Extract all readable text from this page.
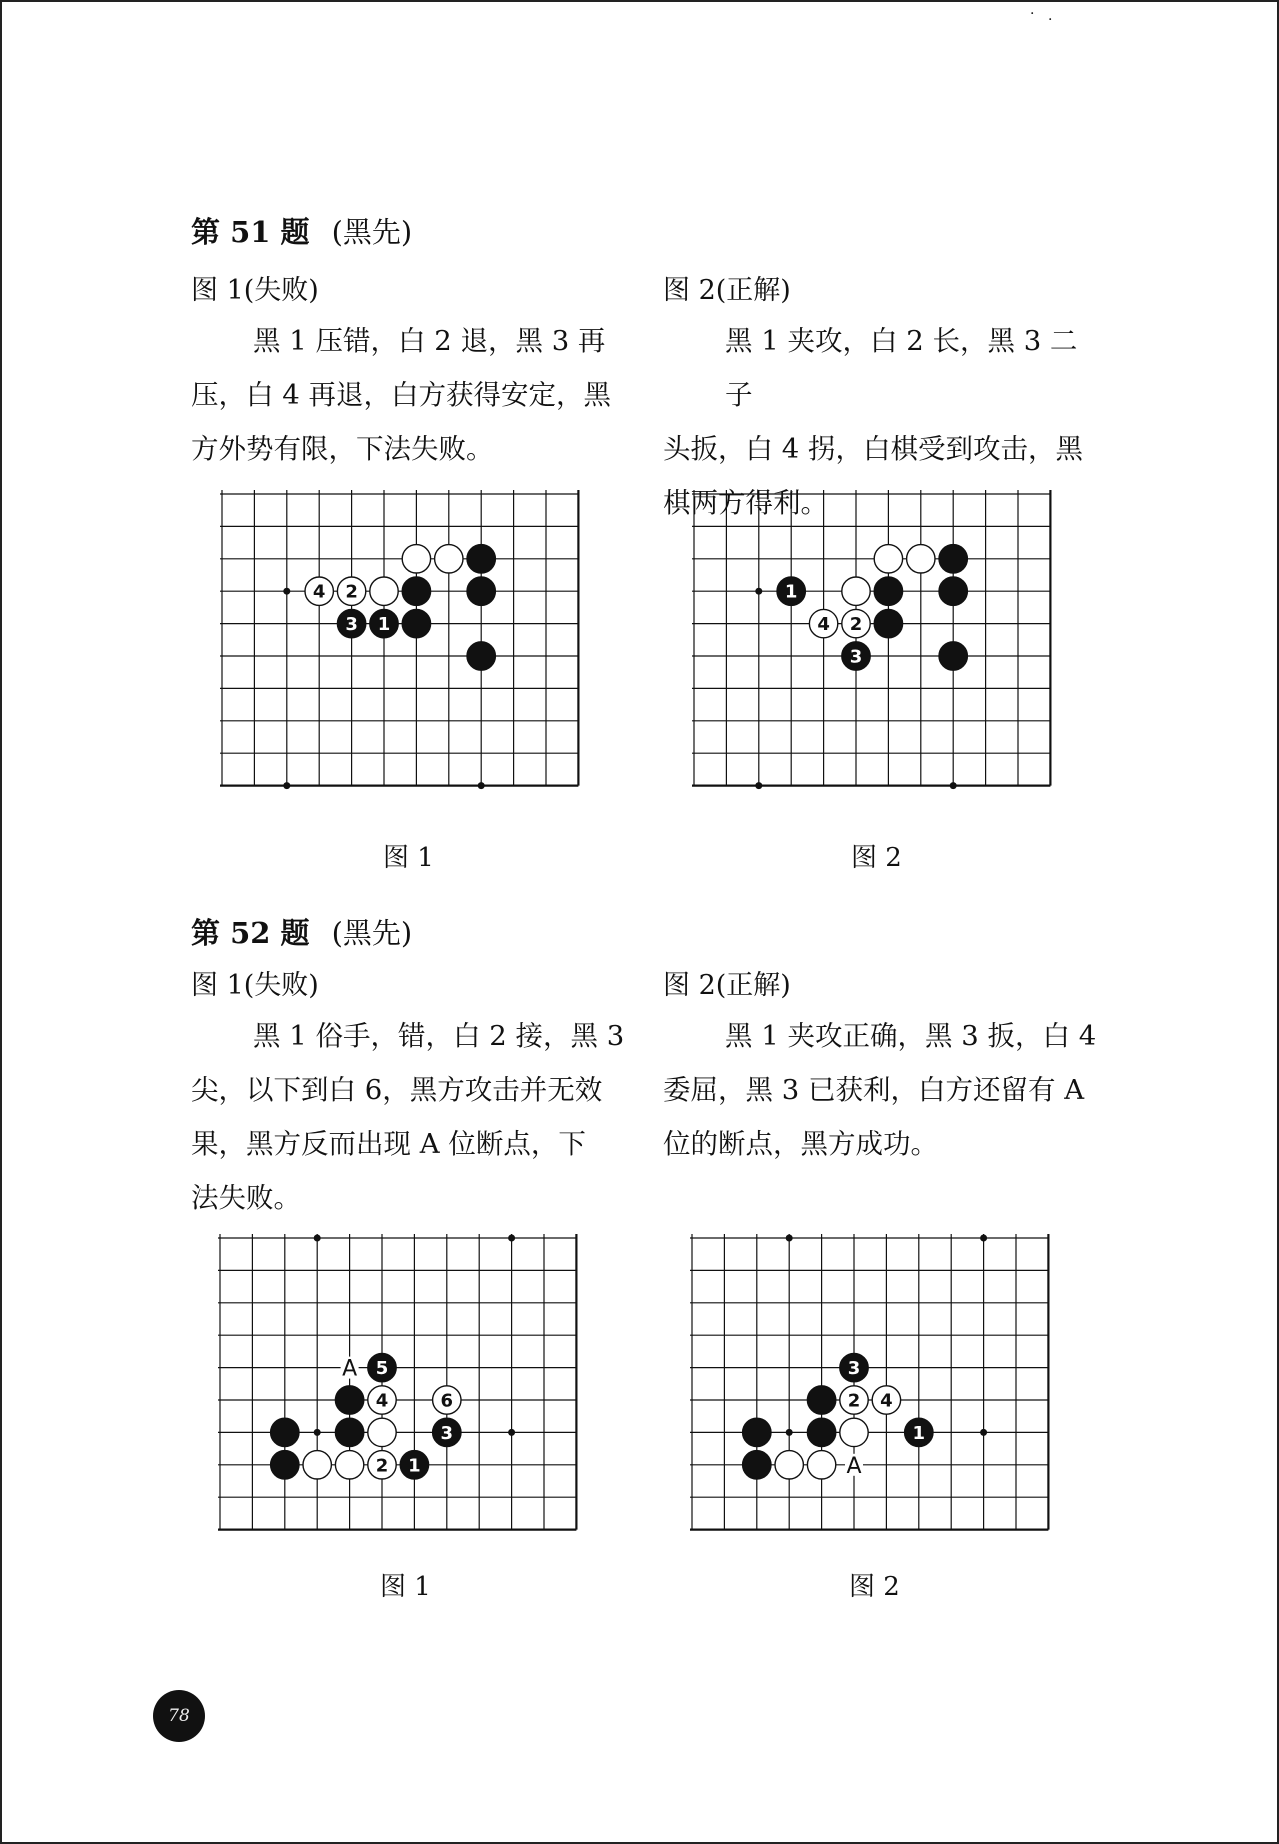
第 51 题 (黑先)
图 1(失败)	图 2(正解)
黑 1 压错，白 2 退，黑 3 再
压，白 4 再退，白方获得安定，黑
方外势有限，下法失败。
黑 1 夹攻，白 2 长，黑 3 二子
头扳，白 4 拐，白棋受到攻击，黑
棋两方得利。
4 2
3 1
1
4 2
3
图 1	图 2
第 52 题 (黑先)
图 1(失败)	图 2(正解)
黑 1 俗手，错，白 2 接，黑 3
尖，以下到白 6，黑方攻击并无效
果，黑方反而出现 A 位断点，下
法失败。
黑 1 夹攻正确，黑 3 扳，白 4
委屈，黑 3 已获利，白方还留有 A
位的断点，黑方成功。
5
4	6
3
2 1
A	3
2 4
1
A
图 1	图 2
78
· ·
